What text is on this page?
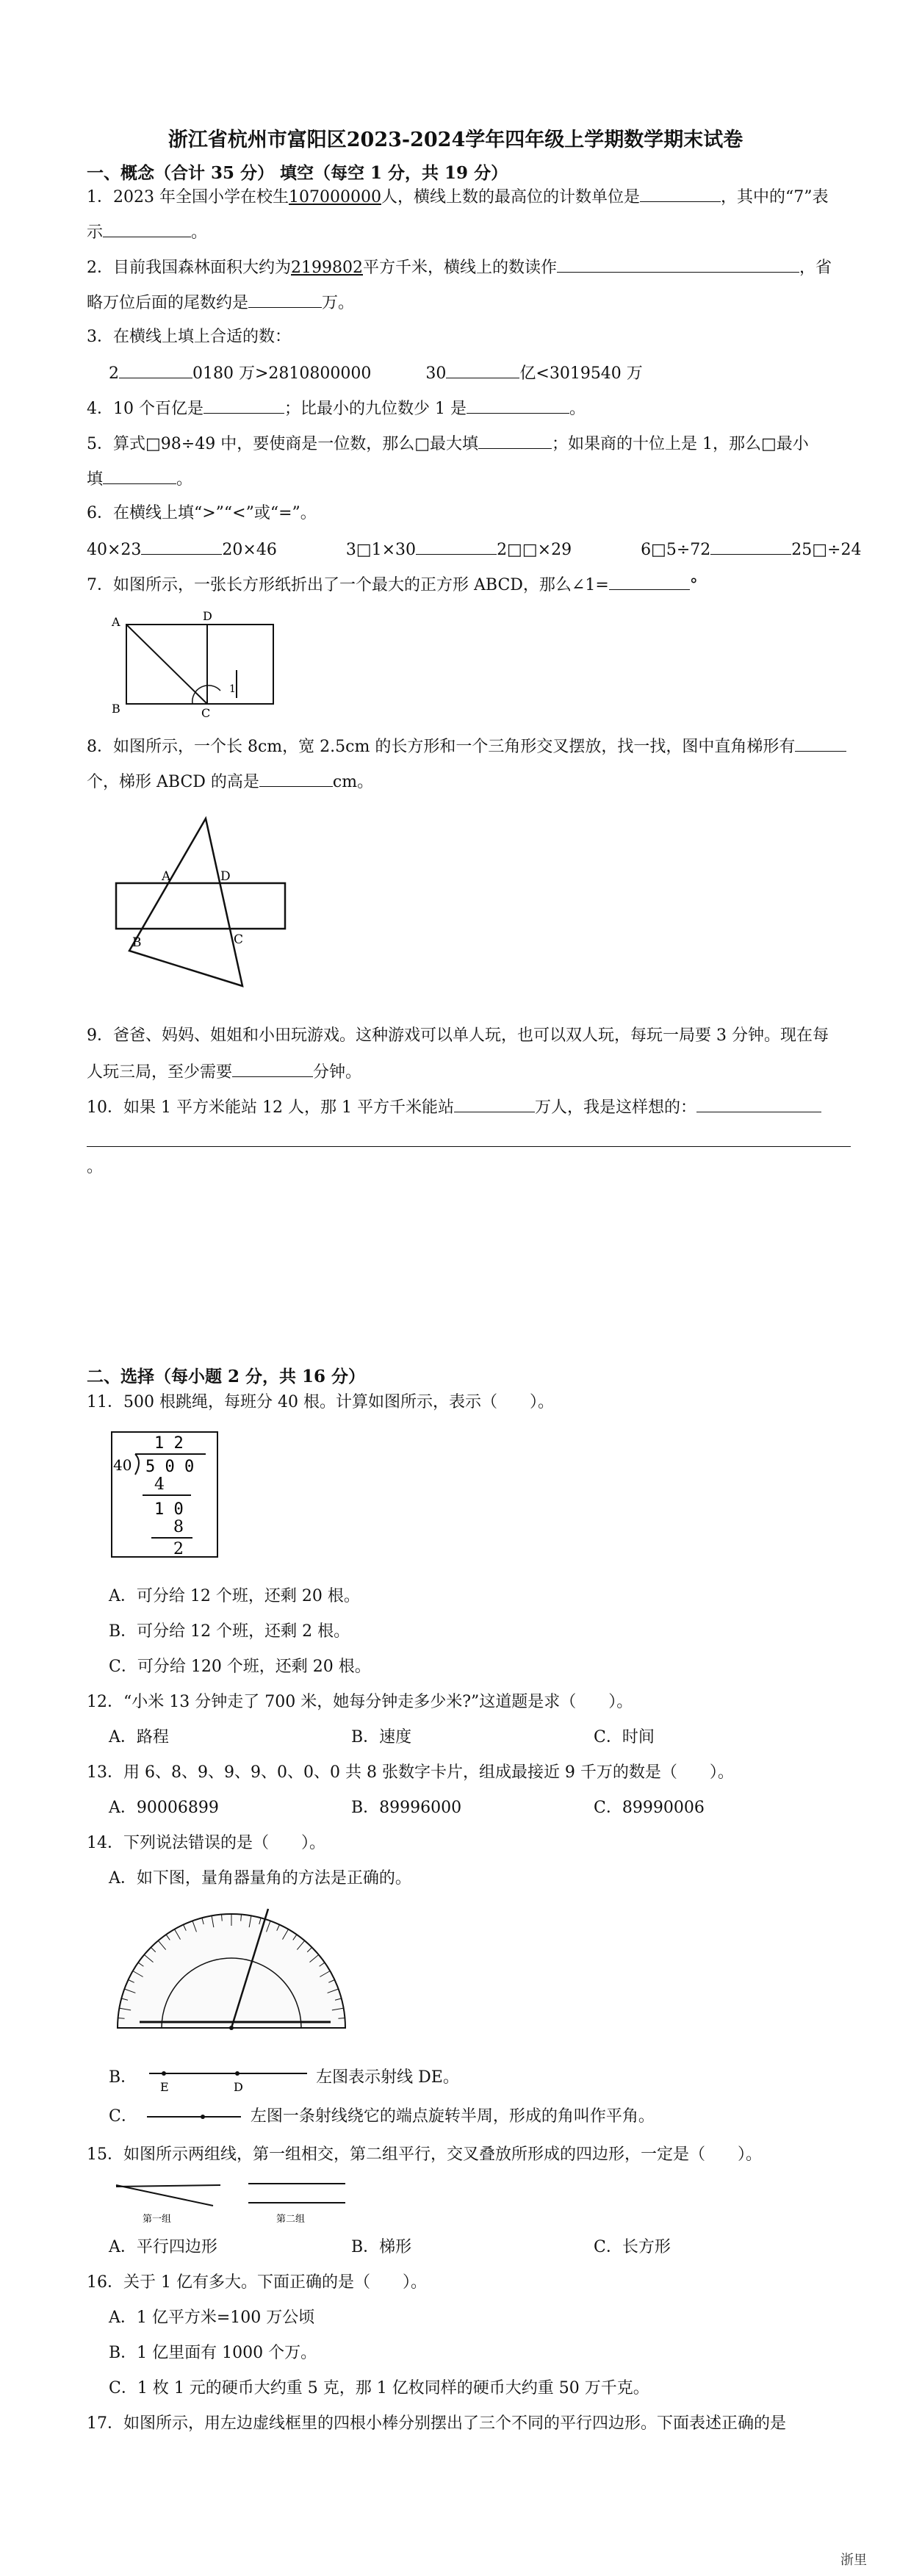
浙江省杭州市富阳区2023-2024学年四年级上学期数学期末试卷
一、概念（合计 35 分） 填空（每空 1 分，共 19 分）
1．2023 年全国小学在校生107000000人，横线上数的最高位的计数单位是	，其中的“7”表
示	。
2．目前我国森林面积大约为2199802平方千米，横线上的数读作	，省
略万位后面的尾数约是	万。
3．在横线上填上合适的数：
2	0180 万>2810800000	30	亿<3019540 万
4．10 个百亿是	；比最小的九位数少 1 是	。
5．算式□98÷49 中，要使商是一位数，那么□最大填	；如果商的十位上是 1，那么□最小
填	。
6．在横线上填“>”“<”或“=”。
40×23	20×46	3□1×30	2□□×29	6□5÷72	25□÷24
7．如图所示，一张长方形纸折出了一个最大的正方形 ABCD，那么∠1=	°
A
B	C
D
1
8．如图所示，一个长 8cm，宽 2.5cm 的长方形和一个三角形交叉摆放，找一找，图中直角梯形有
个，梯形 ABCD 的高是	cm。
A	D
B	C
9．爸爸、妈妈、姐姐和小田玩游戏。这种游戏可以单人玩，也可以双人玩，每玩一局要 3 分钟。现在每
人玩三局，至少需要	分钟。
10．如果 1 平方米能站 12 人，那 1 平方千米能站	万人，我是这样想的：
。
二、选择（每小题 2 分，共 16 分）
11．500 根跳绳，每班分 40 根。计算如图所示，表示（　　）。
1 2
40 5 0 0
4
1 0
8
2
A．可分给 12 个班，还剩 20 根。
B．可分给 12 个班，还剩 2 根。
C．可分给 120 个班，还剩 20 根。
12．“小米 13 分钟走了 700 米，她每分钟走多少米?”这道题是求（　　）。
A．路程	B．速度	C．时间
13．用 6、8、9、9、9、0、0、0 共 8 张数字卡片，组成最接近 9 千万的数是（　　）。
A．90006899	B．89996000	C．89990006
14．下列说法错误的是（　　）。
A．如下图，量角器量角的方法是正确的。
B．
E	D
左图表示射线 DE。
C．	左图一条射线绕它的端点旋转半周，形成的角叫作平角。
15．如图所示两组线，第一组相交，第二组平行，交叉叠放所形成的四边形，一定是（　　）。
第一组	第二组
A．平行四边形	B．梯形	C．长方形
16．关于 1 亿有多大。下面正确的是（　　）。
A．1 亿平方米=100 万公顷
B．1 亿里面有 1000 个万。
C．1 枚 1 元的硬币大约重 5 克，那 1 亿枚同样的硬币大约重 50 万千克。
17．如图所示，用左边虚线框里的四根小棒分别摆出了三个不同的平行四边形。下面表述正确的是
浙里
